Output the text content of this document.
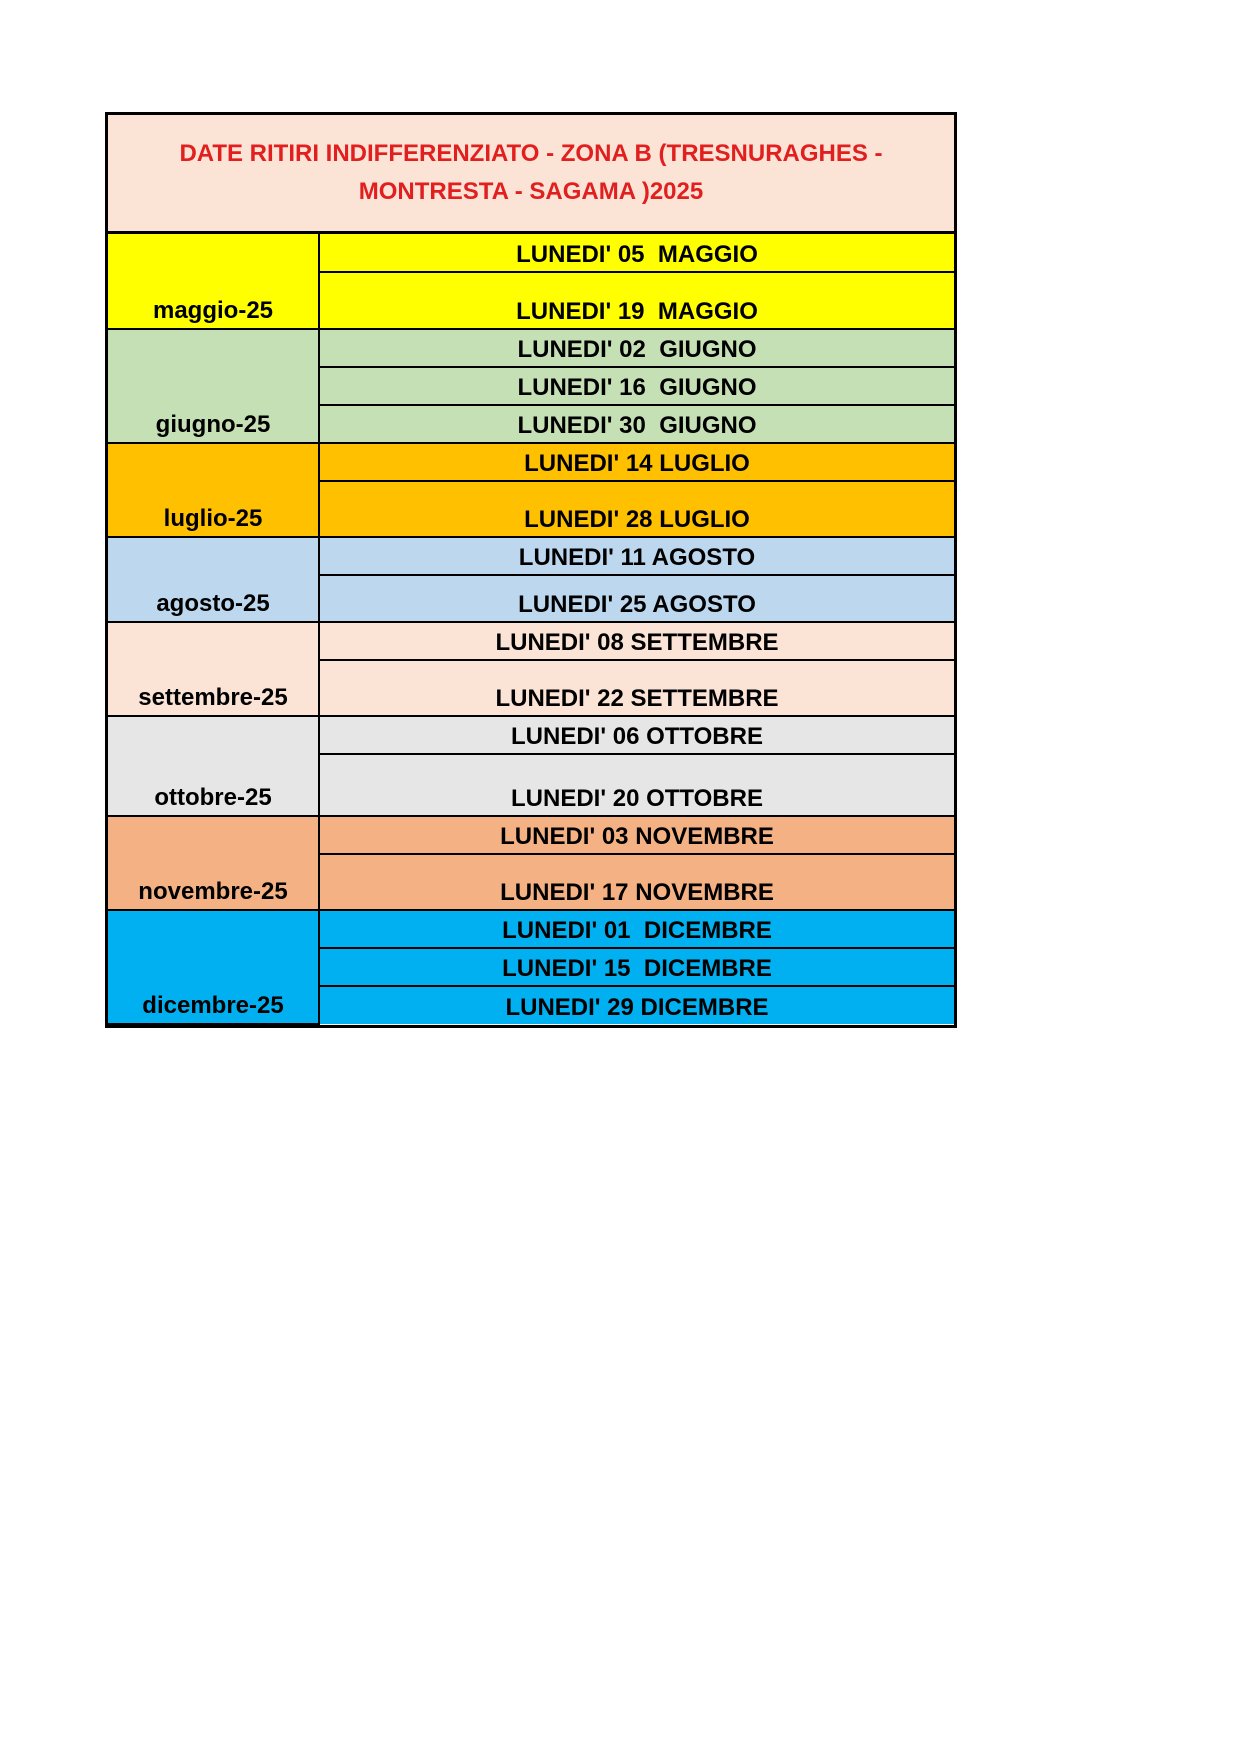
DATE RITIRI INDIFFERENZIATO - ZONA B (TRESNURAGHES - MONTRESTA - SAGAMA )2025
maggio-25	LUNEDI' 05  MAGGIO
	LUNEDI' 19  MAGGIO
giugno-25	LUNEDI' 02  GIUGNO
	LUNEDI' 16  GIUGNO
	LUNEDI' 30  GIUGNO
luglio-25	LUNEDI' 14 LUGLIO
	LUNEDI' 28 LUGLIO
agosto-25	LUNEDI' 11 AGOSTO
	LUNEDI' 25 AGOSTO
settembre-25	LUNEDI' 08 SETTEMBRE
	LUNEDI' 22 SETTEMBRE
ottobre-25	LUNEDI' 06 OTTOBRE
	LUNEDI' 20 OTTOBRE
novembre-25	LUNEDI' 03 NOVEMBRE
	LUNEDI' 17 NOVEMBRE
dicembre-25	LUNEDI' 01  DICEMBRE
	LUNEDI' 15  DICEMBRE
	LUNEDI' 29 DICEMBRE
